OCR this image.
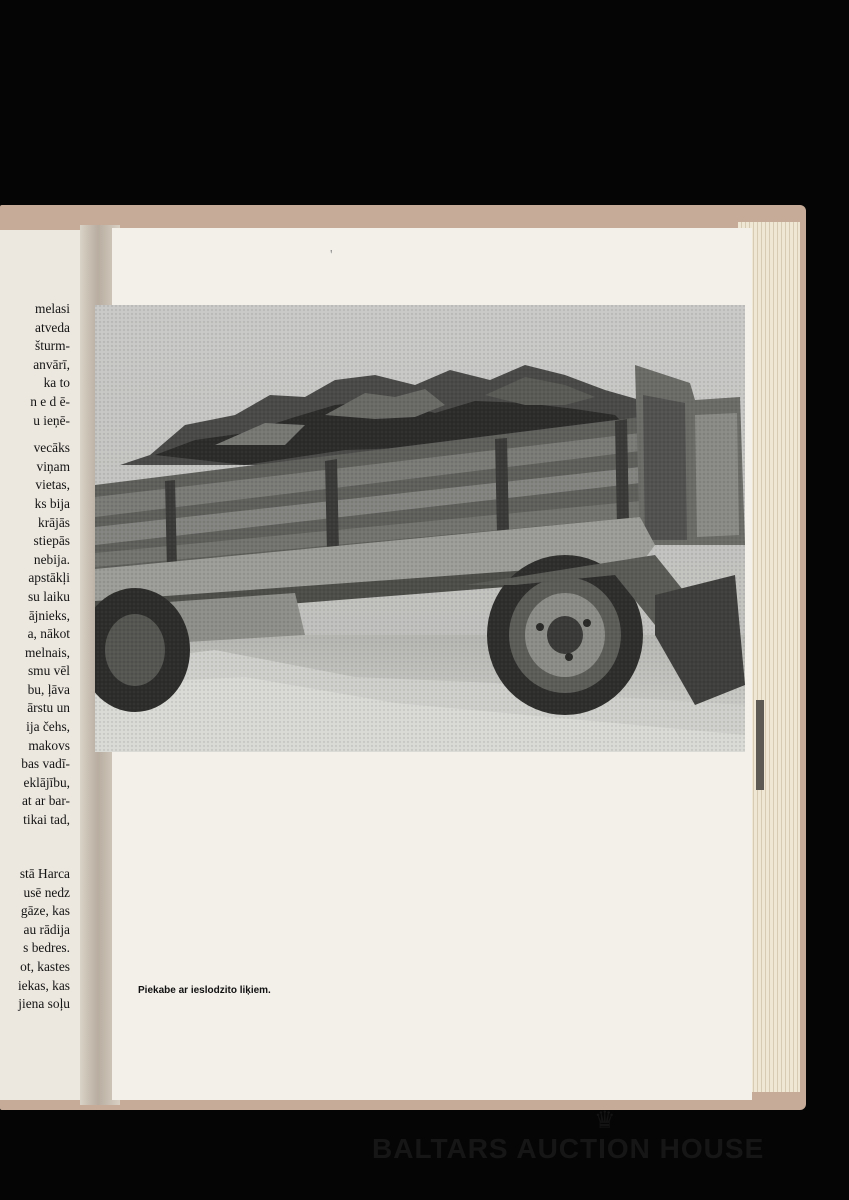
melasi
atveda
šturm-
anvārī,
ka to
n e d ē-
u ieņē-
vecāks
viņam
vietas,
ks bija
krājās
stiepās
nebija.
apstākļi
su laiku
ājnieks,
a, nākot
melnais,
smu vēl
bu, ļāva
ārstu un
ija čehs,
makovs
bas vadī-
eklājību,
at ar bar-
tikai tad,
stā Harca
usē nedz
gāze, kas
au rādija
s bedres.
ot, kastes
iekas, kas
jiena soļu
'

Piekabe ar ieslodzito liķiem.
♛
BALTARS AUCTION HOUSE
